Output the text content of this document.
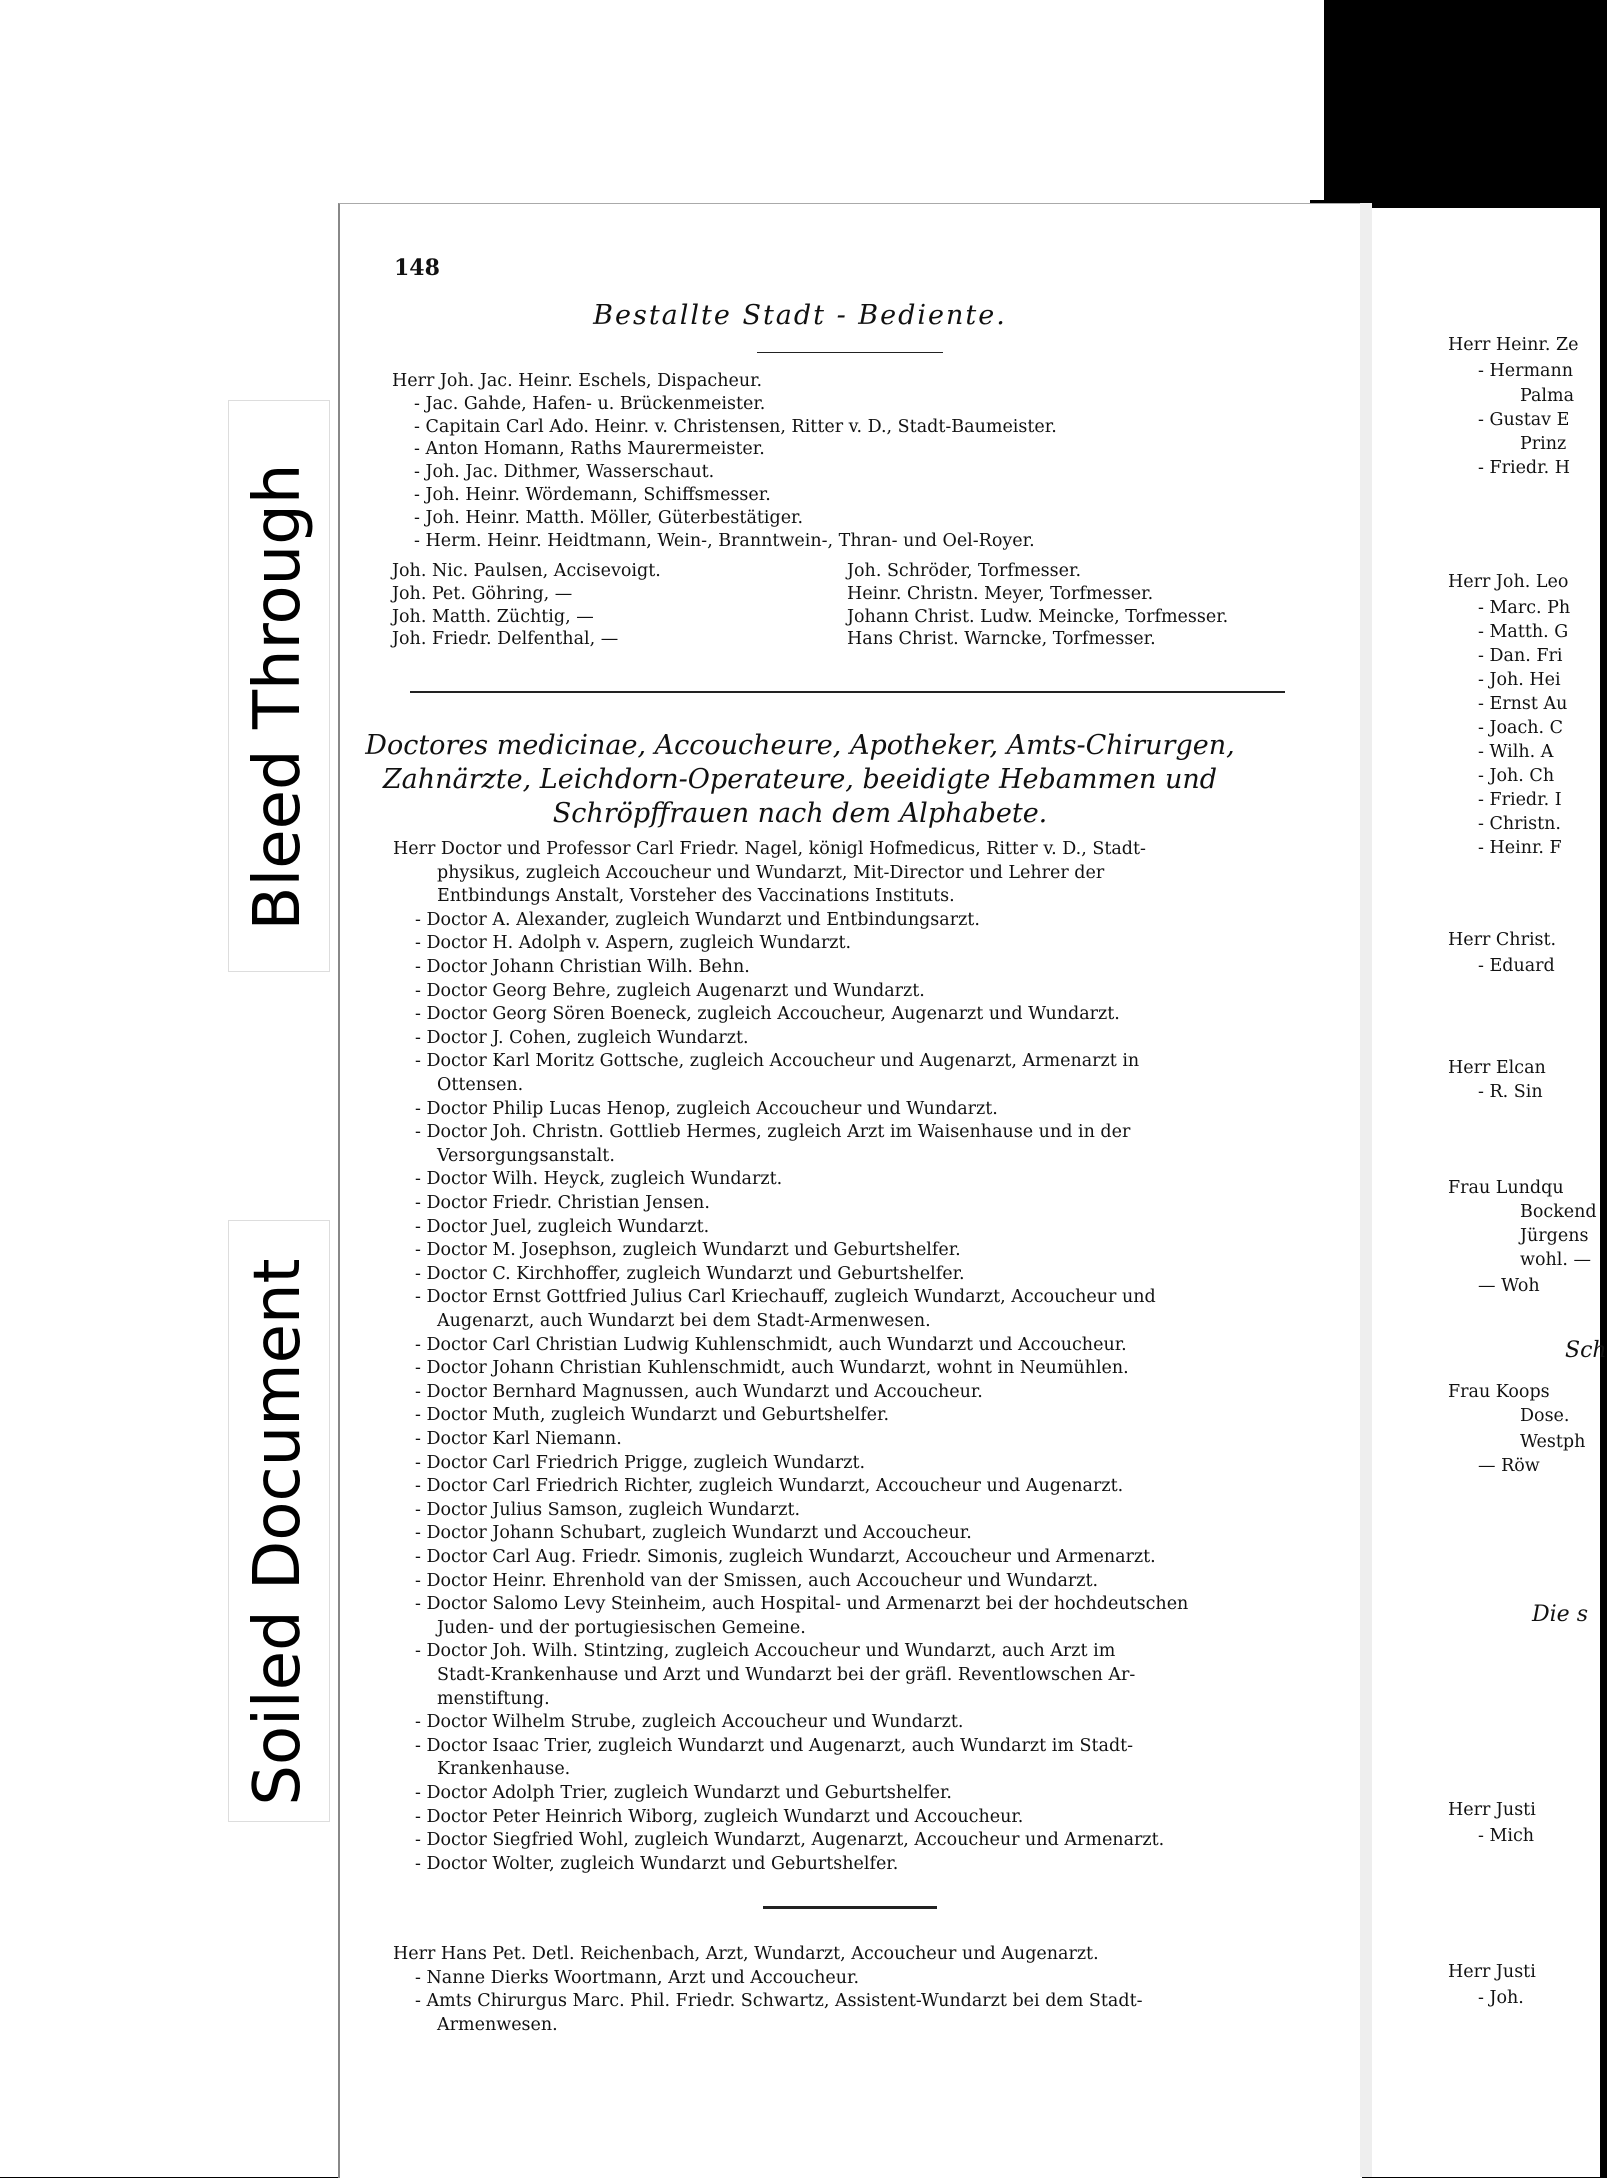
Bleed Through
Soiled Document
148
Bestallte Stadt - Bediente.
Herr Joh. Jac. Heinr. Eschels, Dispacheur.
- Jac. Gahde, Hafen- u. Brückenmeister.
- Capitain Carl Ado. Heinr. v. Christensen, Ritter v. D., Stadt-Baumeister.
- Anton Homann, Raths Maurermeister.
- Joh. Jac. Dithmer, Wasserschaut.
- Joh. Heinr. Wördemann, Schiffsmesser.
- Joh. Heinr. Matth. Möller, Güterbestätiger.
- Herm. Heinr. Heidtmann, Wein-, Branntwein-, Thran- und Oel-Royer.
Joh. Nic. Paulsen, Accisevoigt.	Joh. Schröder, Torfmesser.
Joh. Pet. Göhring, —	Heinr. Christn. Meyer, Torfmesser.
Joh. Matth. Züchtig, —	Johann Christ. Ludw. Meincke, Torfmesser.
Joh. Friedr. Delfenthal, —	Hans Christ. Warncke, Torfmesser.
Doctores medicinae, Accoucheure, Apotheker, Amts-Chirurgen,
Zahnärzte, Leichdorn-Operateure, beeidigte Hebammen und
Schröpffrauen nach dem Alphabete.
Herr Doctor und Professor Carl Friedr. Nagel, königl Hofmedicus, Ritter v. D., Stadt-
physikus, zugleich Accoucheur und Wundarzt, Mit-Director und Lehrer der
Entbindungs Anstalt, Vorsteher des Vaccinations Instituts.
- Doctor A. Alexander, zugleich Wundarzt und Entbindungsarzt.
- Doctor H. Adolph v. Aspern, zugleich Wundarzt.
- Doctor Johann Christian Wilh. Behn.
- Doctor Georg Behre, zugleich Augenarzt und Wundarzt.
- Doctor Georg Sören Boeneck, zugleich Accoucheur, Augenarzt und Wundarzt.
- Doctor J. Cohen, zugleich Wundarzt.
- Doctor Karl Moritz Gottsche, zugleich Accoucheur und Augenarzt, Armenarzt in
Ottensen.
- Doctor Philip Lucas Henop, zugleich Accoucheur und Wundarzt.
- Doctor Joh. Christn. Gottlieb Hermes, zugleich Arzt im Waisenhause und in der
Versorgungsanstalt.
- Doctor Wilh. Heyck, zugleich Wundarzt.
- Doctor Friedr. Christian Jensen.
- Doctor Juel, zugleich Wundarzt.
- Doctor M. Josephson, zugleich Wundarzt und Geburtshelfer.
- Doctor C. Kirchhoffer, zugleich Wundarzt und Geburtshelfer.
- Doctor Ernst Gottfried Julius Carl Kriechauff, zugleich Wundarzt, Accoucheur und
Augenarzt, auch Wundarzt bei dem Stadt-Armenwesen.
- Doctor Carl Christian Ludwig Kuhlenschmidt, auch Wundarzt und Accoucheur.
- Doctor Johann Christian Kuhlenschmidt, auch Wundarzt, wohnt in Neumühlen.
- Doctor Bernhard Magnussen, auch Wundarzt und Accoucheur.
- Doctor Muth, zugleich Wundarzt und Geburtshelfer.
- Doctor Karl Niemann.
- Doctor Carl Friedrich Prigge, zugleich Wundarzt.
- Doctor Carl Friedrich Richter, zugleich Wundarzt, Accoucheur und Augenarzt.
- Doctor Julius Samson, zugleich Wundarzt.
- Doctor Johann Schubart, zugleich Wundarzt und Accoucheur.
- Doctor Carl Aug. Friedr. Simonis, zugleich Wundarzt, Accoucheur und Armenarzt.
- Doctor Heinr. Ehrenhold van der Smissen, auch Accoucheur und Wundarzt.
- Doctor Salomo Levy Steinheim, auch Hospital- und Armenarzt bei der hochdeutschen
Juden- und der portugiesischen Gemeine.
- Doctor Joh. Wilh. Stintzing, zugleich Accoucheur und Wundarzt, auch Arzt im
Stadt-Krankenhause und Arzt und Wundarzt bei der gräfl. Reventlowschen Ar-
menstiftung.
- Doctor Wilhelm Strube, zugleich Accoucheur und Wundarzt.
- Doctor Isaac Trier, zugleich Wundarzt und Augenarzt, auch Wundarzt im Stadt-
Krankenhause.
- Doctor Adolph Trier, zugleich Wundarzt und Geburtshelfer.
- Doctor Peter Heinrich Wiborg, zugleich Wundarzt und Accoucheur.
- Doctor Siegfried Wohl, zugleich Wundarzt, Augenarzt, Accoucheur und Armenarzt.
- Doctor Wolter, zugleich Wundarzt und Geburtshelfer.
Herr Hans Pet. Detl. Reichenbach, Arzt, Wundarzt, Accoucheur und Augenarzt.
- Nanne Dierks Woortmann, Arzt und Accoucheur.
- Amts Chirurgus Marc. Phil. Friedr. Schwartz, Assistent-Wundarzt bei dem Stadt-
Armenwesen.
Herr Heinr. Ze
- Hermann
Palma
- Gustav E
Prinz
- Friedr. H
Herr Joh. Leo
- Marc. Ph
- Matth. G
- Dan. Fri
- Joh. Hei
- Ernst Au
- Joach. C
- Wilh. A
- Joh. Ch
- Friedr. I
- Christn.
- Heinr. F
Herr Christ.
- Eduard
Herr Elcan
- R. Sin
Frau Lundqu
Bockend
Jürgens
wohl. —
— Woh
Sch
Frau Koops
Dose.
Westph
— Röw
Die s
Herr Justi
- Mich
Herr Justi
- Joh.
